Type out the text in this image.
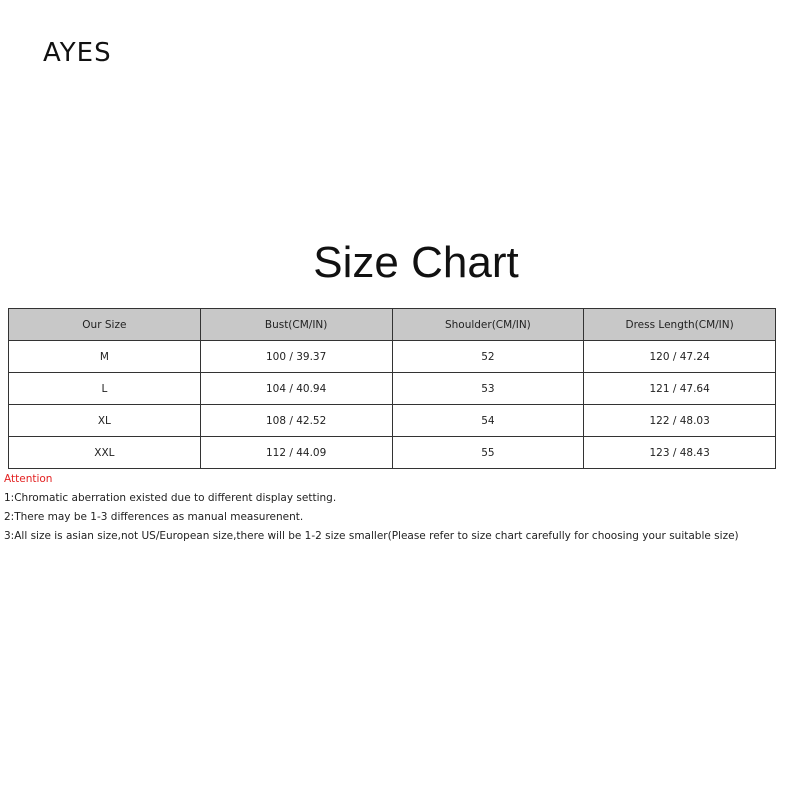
AYES
Size Chart
Our Size	Bust(CM/IN)	Shoulder(CM/IN)	Dress Length(CM/IN)
M	100 / 39.37	52	120 / 47.24
L	104 / 40.94	53	121 / 47.64
XL	108 / 42.52	54	122 / 48.03
XXL	112 / 44.09	55	123 / 48.43
Attention
1:Chromatic aberration existed due to different display setting.
2:There may be 1-3 differences as manual measurenent.
3:All size is asian size,not US/European size,there will be 1-2 size smaller(Please refer to size chart carefully for choosing your suitable size)
